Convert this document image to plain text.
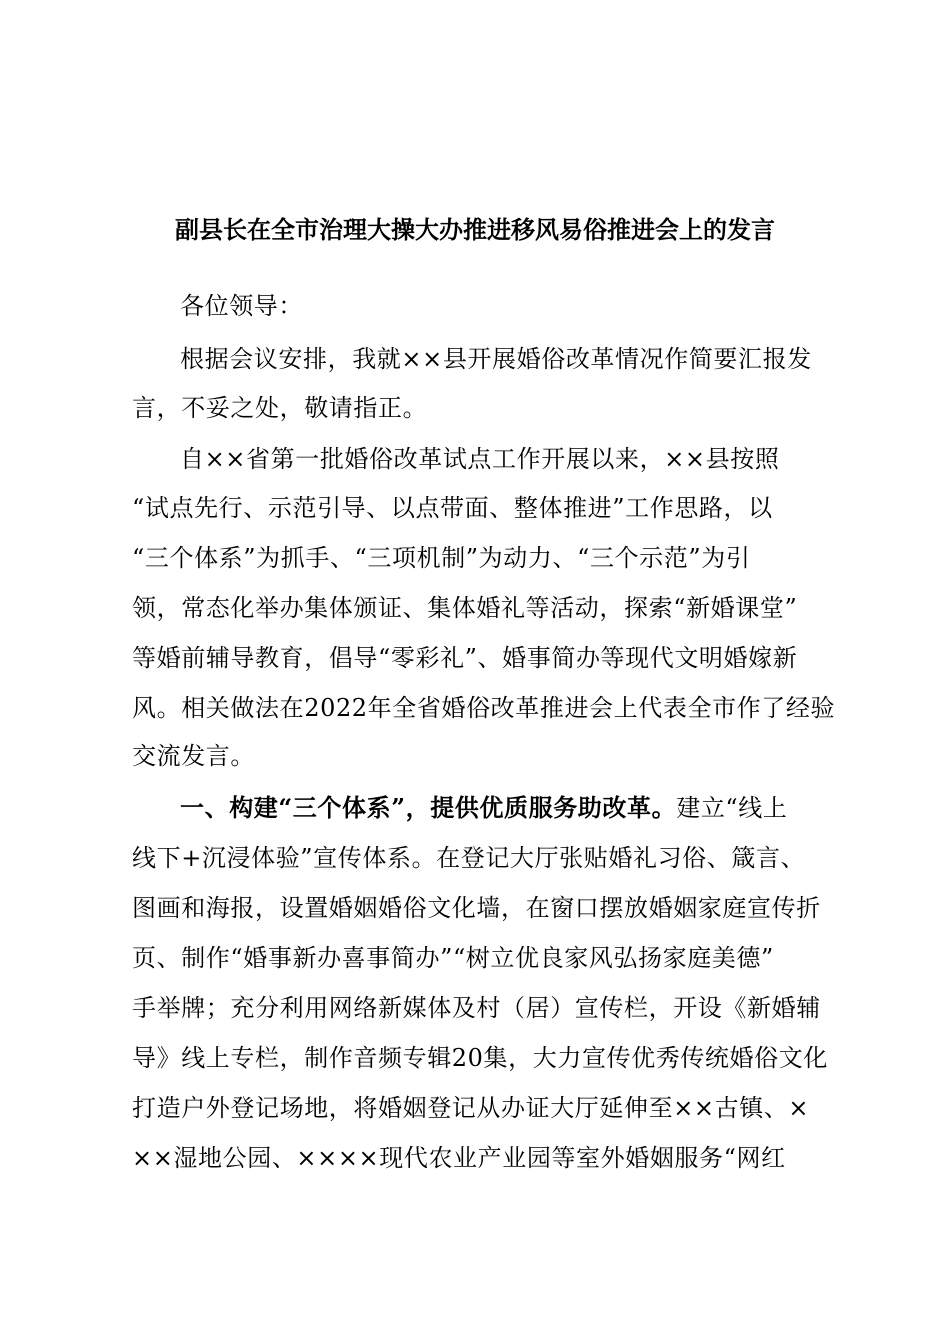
副县长在全市治理大操大办推进移风易俗推进会上的发言

各位领导：

根据会议安排，我就××县开展婚俗改革情况作简要汇报发

言，不妥之处，敬请指正。

自××省第一批婚俗改革试点工作开展以来，××县按照

“试点先行、示范引导、以点带面、整体推进”工作思路，以

“三个体系”为抓手、“三项机制”为动力、“三个示范”为引

领，常态化举办集体颁证、集体婚礼等活动，探索“新婚课堂”

等婚前辅导教育，倡导“零彩礼”、婚事简办等现代文明婚嫁新

风。相关做法在2022年全省婚俗改革推进会上代表全市作了经验

交流发言。

一、构建“三个体系”，提供优质服务助改革。建立“线上

线下+沉浸体验”宣传体系。在登记大厅张贴婚礼习俗、箴言、

图画和海报，设置婚姻婚俗文化墙，在窗口摆放婚姻家庭宣传折

页、制作“婚事新办喜事简办”“树立优良家风弘扬家庭美德”

手举牌；充分利用网络新媒体及村（居）宣传栏，开设《新婚辅

导》线上专栏，制作音频专辑20集，大力宣传优秀传统婚俗文化

打造户外登记场地，将婚姻登记从办证大厅延伸至××古镇、×

××湿地公园、××××现代农业产业园等室外婚姻服务“网红
